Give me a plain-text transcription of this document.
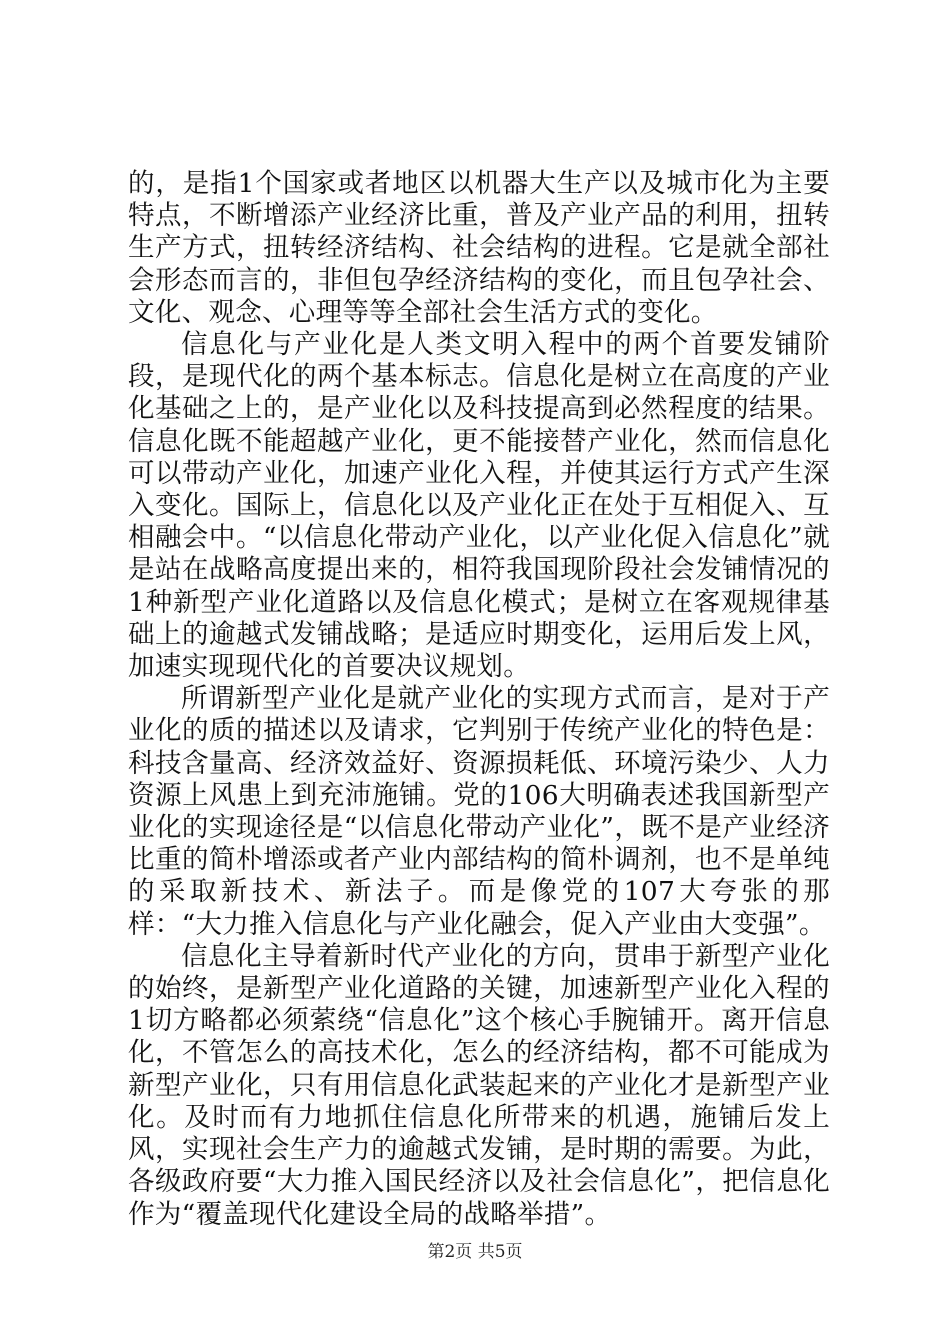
的，是指1个国家或者地区以机器大生产以及城市化为主要特点，不断增添产业经济比重，普及产业产品的利用，扭转生产方式，扭转经济结构、社会结构的进程。它是就全部社会形态而言的，非但包孕经济结构的变化，而且包孕社会、文化、观念、心理等等全部社会生活方式的变化。

信息化与产业化是人类文明入程中的两个首要发铺阶段，是现代化的两个基本标志。信息化是树立在高度的产业化基础之上的，是产业化以及科技提高到必然程度的结果。信息化既不能超越产业化，更不能接替产业化，然而信息化可以带动产业化，加速产业化入程，并使其运行方式产生深入变化。国际上，信息化以及产业化正在处于互相促入、互相融会中。“以信息化带动产业化，以产业化促入信息化”就是站在战略高度提出来的，相符我国现阶段社会发铺情况的1种新型产业化道路以及信息化模式；是树立在客观规律基础上的逾越式发铺战略；是适应时期变化，运用后发上风，加速实现现代化的首要决议规划。

所谓新型产业化是就产业化的实现方式而言，是对于产业化的质的描述以及请求，它判别于传统产业化的特色是：科技含量高、经济效益好、资源损耗低、环境污染少、人力资源上风患上到充沛施铺。党的106大明确表述我国新型产业化的实现途径是“以信息化带动产业化”，既不是产业经济比重的简朴增添或者产业内部结构的简朴调剂，也不是单纯的采取新技术、新法子。而是像党的107大夸张的那样：“大力推入信息化与产业化融会，促入产业由大变强”。

信息化主导着新时代产业化的方向，贯串于新型产业化的始终，是新型产业化道路的关键，加速新型产业化入程的1切方略都必须萦绕“信息化”这个核心手腕铺开。离开信息化，不管怎么的高技术化，怎么的经济结构，都不可能成为新型产业化，只有用信息化武装起来的产业化才是新型产业化。及时而有力地抓住信息化所带来的机遇，施铺后发上风，实现社会生产力的逾越式发铺，是时期的需要。为此，各级政府要“大力推入国民经济以及社会信息化”，把信息化作为“覆盖现代化建设全局的战略举措”。

第2页 共5页
